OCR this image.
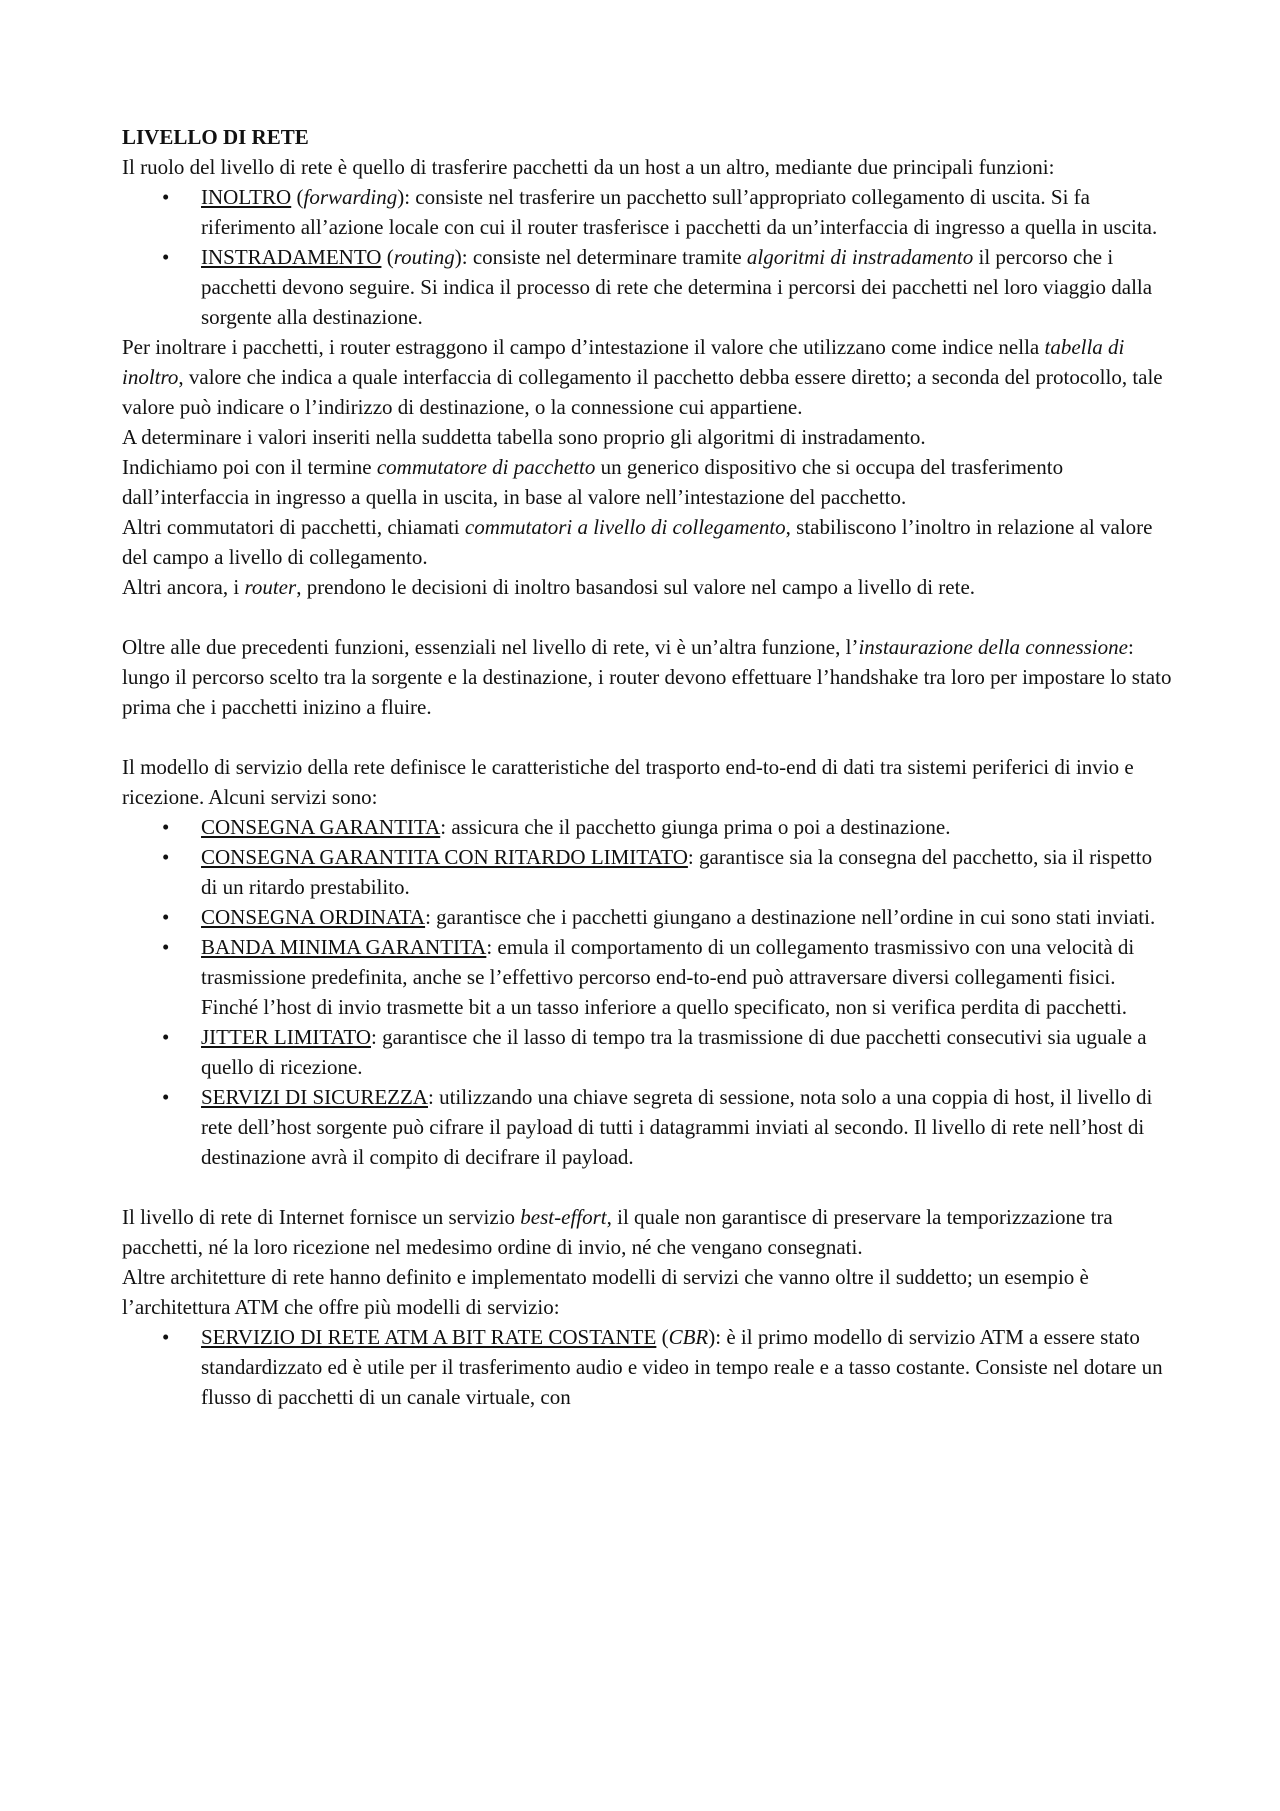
LIVELLO DI RETE

Il ruolo del livello di rete è quello di trasferire pacchetti da un host a un altro, mediante due principali funzioni:

• INOLTRO (forwarding): consiste nel trasferire un pacchetto sull’appropriato collegamento di uscita. Si fa riferimento all’azione locale con cui il router trasferisce i pacchetti da un’interfaccia di ingresso a quella in uscita.
• INSTRADAMENTO (routing): consiste nel determinare tramite algoritmi di instradamento il percorso che i pacchetti devono seguire. Si indica il processo di rete che determina i percorsi dei pacchetti nel loro viaggio dalla sorgente alla destinazione.

Per inoltrare i pacchetti, i router estraggono il campo d’intestazione il valore che utilizzano come indice nella tabella di inoltro, valore che indica a quale interfaccia di collegamento il pacchetto debba essere diretto; a seconda del protocollo, tale valore può indicare o l’indirizzo di destinazione, o la connessione cui appartiene.

A determinare i valori inseriti nella suddetta tabella sono proprio gli algoritmi di instradamento.

Indichiamo poi con il termine commutatore di pacchetto un generico dispositivo che si occupa del trasferimento dall’interfaccia in ingresso a quella in uscita, in base al valore nell’intestazione del pacchetto.

Altri commutatori di pacchetti, chiamati commutatori a livello di collegamento, stabiliscono l’inoltro in relazione al valore del campo a livello di collegamento.

Altri ancora, i router, prendono le decisioni di inoltro basandosi sul valore nel campo a livello di rete.

Oltre alle due precedenti funzioni, essenziali nel livello di rete, vi è un’altra funzione, l’instaurazione della connessione: lungo il percorso scelto tra la sorgente e la destinazione, i router devono effettuare l’handshake tra loro per impostare lo stato prima che i pacchetti inizino a fluire.

Il modello di servizio della rete definisce le caratteristiche del trasporto end-to-end di dati tra sistemi periferici di invio e ricezione. Alcuni servizi sono:

• CONSEGNA GARANTITA: assicura che il pacchetto giunga prima o poi a destinazione.
• CONSEGNA GARANTITA CON RITARDO LIMITATO: garantisce sia la consegna del pacchetto, sia il rispetto di un ritardo prestabilito.
• CONSEGNA ORDINATA: garantisce che i pacchetti giungano a destinazione nell’ordine in cui sono stati inviati.
• BANDA MINIMA GARANTITA: emula il comportamento di un collegamento trasmissivo con una velocità di trasmissione predefinita, anche se l’effettivo percorso end-to-end può attraversare diversi collegamenti fisici. Finché l’host di invio trasmette bit a un tasso inferiore a quello specificato, non si verifica perdita di pacchetti.
• JITTER LIMITATO: garantisce che il lasso di tempo tra la trasmissione di due pacchetti consecutivi sia uguale a quello di ricezione.
• SERVIZI DI SICUREZZA: utilizzando una chiave segreta di sessione, nota solo a una coppia di host, il livello di rete dell’host sorgente può cifrare il payload di tutti i datagrammi inviati al secondo. Il livello di rete nell’host di destinazione avrà il compito di decifrare il payload.

Il livello di rete di Internet fornisce un servizio best-effort, il quale non garantisce di preservare la temporizzazione tra pacchetti, né la loro ricezione nel medesimo ordine di invio, né che vengano consegnati.

Altre architetture di rete hanno definito e implementato modelli di servizi che vanno oltre il suddetto; un esempio è l’architettura ATM che offre più modelli di servizio:

• SERVIZIO DI RETE ATM A BIT RATE COSTANTE (CBR): è il primo modello di servizio ATM a essere stato standardizzato ed è utile per il trasferimento audio e video in tempo reale e a tasso costante. Consiste nel dotare un flusso di pacchetti di un canale virtuale, con
